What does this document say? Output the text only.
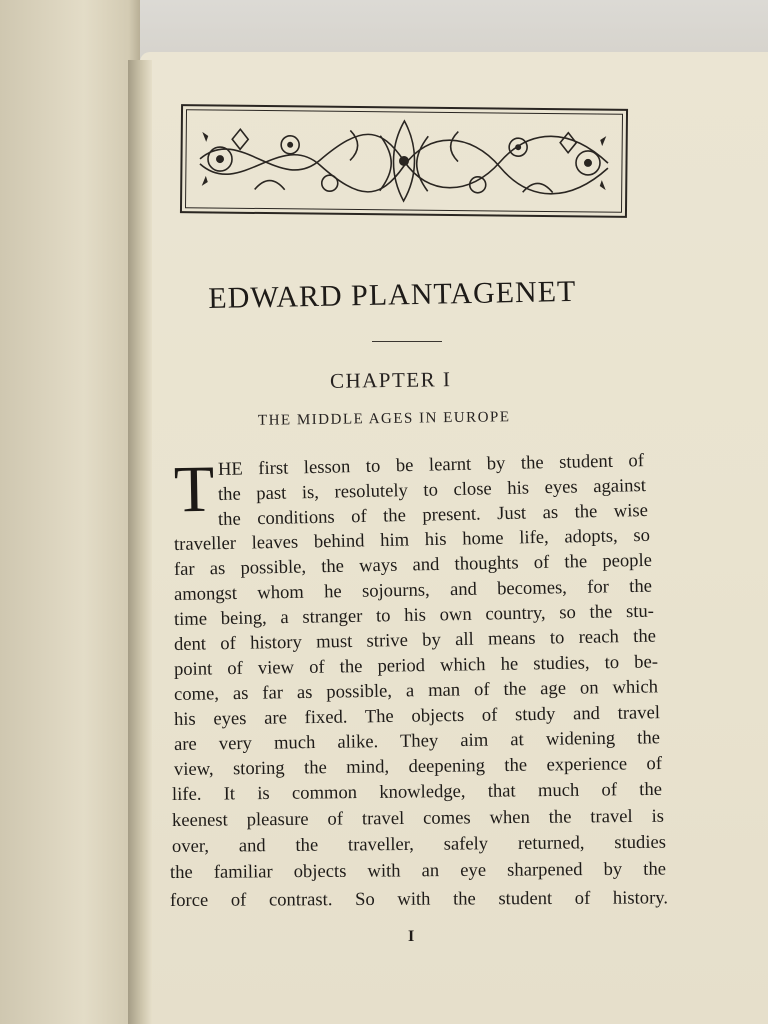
EDWARD PLANTAGENET
CHAPTER I
THE MIDDLE AGES IN EUROPE
T HE first lesson to be learnt by the student of
the past is, resolutely to close his eyes against
the conditions of the present. Just as the wise
traveller leaves behind him his home life, adopts, so
far as possible, the ways and thoughts of the people
amongst whom he sojourns, and becomes, for the
time being, a stranger to his own country, so the stu-
dent of history must strive by all means to reach the
point of view of the period which he studies, to be-
come, as far as possible, a man of the age on which
his eyes are fixed. The objects of study and travel
are very much alike. They aim at widening the
view, storing the mind, deepening the experience of
life. It is common knowledge, that much of the
keenest pleasure of travel comes when the travel is
over, and the traveller, safely returned, studies
the familiar objects with an eye sharpened by the
force of contrast. So with the student of history.
I
